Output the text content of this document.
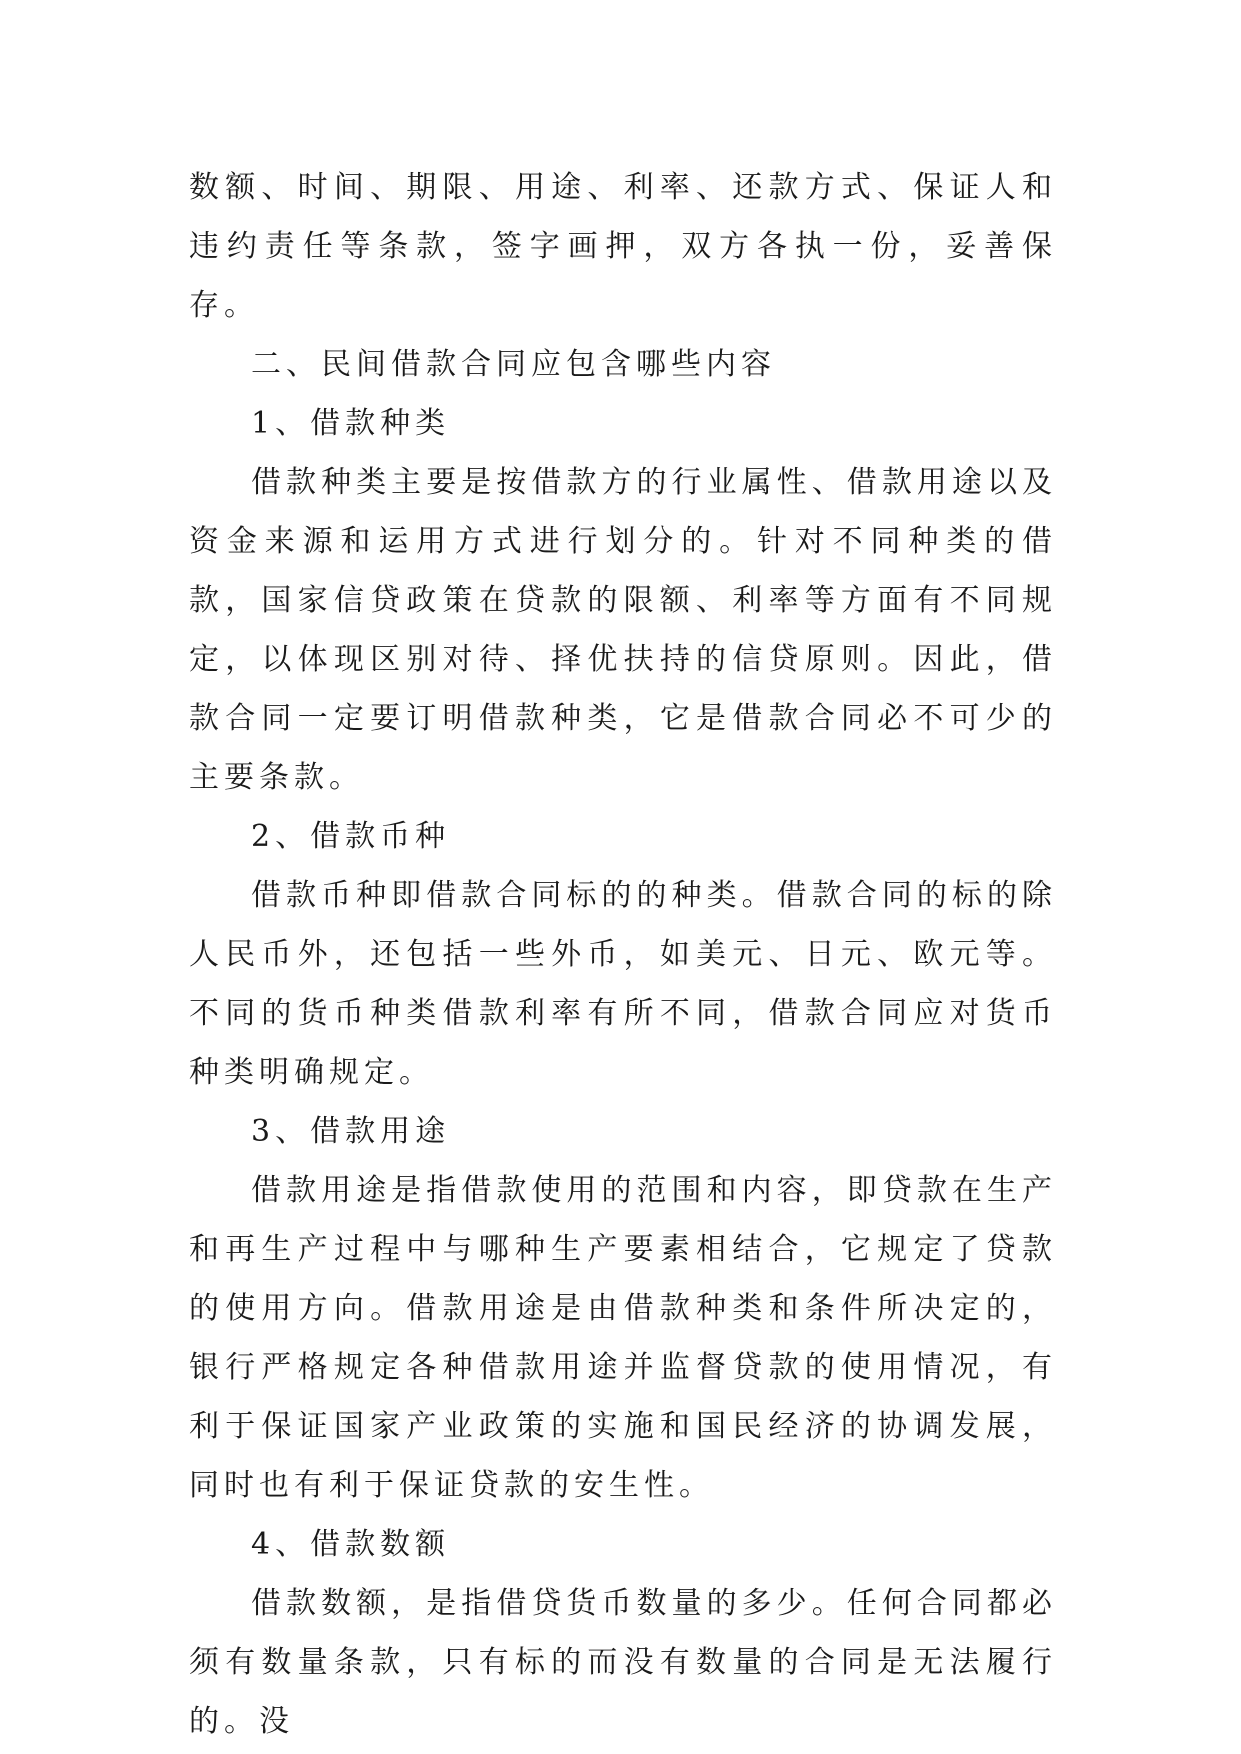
数额、时间、期限、用途、利率、还款方式、保证人和违约责任等条款，签字画押，双方各执一份，妥善保存。

二、民间借款合同应包含哪些内容

1、借款种类

借款种类主要是按借款方的行业属性、借款用途以及资金来源和运用方式进行划分的。针对不同种类的借款，国家信贷政策在贷款的限额、利率等方面有不同规定，以体现区别对待、择优扶持的信贷原则。因此，借款合同一定要订明借款种类，它是借款合同必不可少的主要条款。

2、借款币种

借款币种即借款合同标的的种类。借款合同的标的除人民币外，还包括一些外币，如美元、日元、欧元等。不同的货币种类借款利率有所不同，借款合同应对货币种类明确规定。

3、借款用途

借款用途是指借款使用的范围和内容，即贷款在生产和再生产过程中与哪种生产要素相结合，它规定了贷款的使用方向。借款用途是由借款种类和条件所决定的，银行严格规定各种借款用途并监督贷款的使用情况，有利于保证国家产业政策的实施和国民经济的协调发展，同时也有利于保证贷款的安生性。

4、借款数额

借款数额，是指借贷货币数量的多少。任何合同都必须有数量条款，只有标的而没有数量的合同是无法履行的。没
